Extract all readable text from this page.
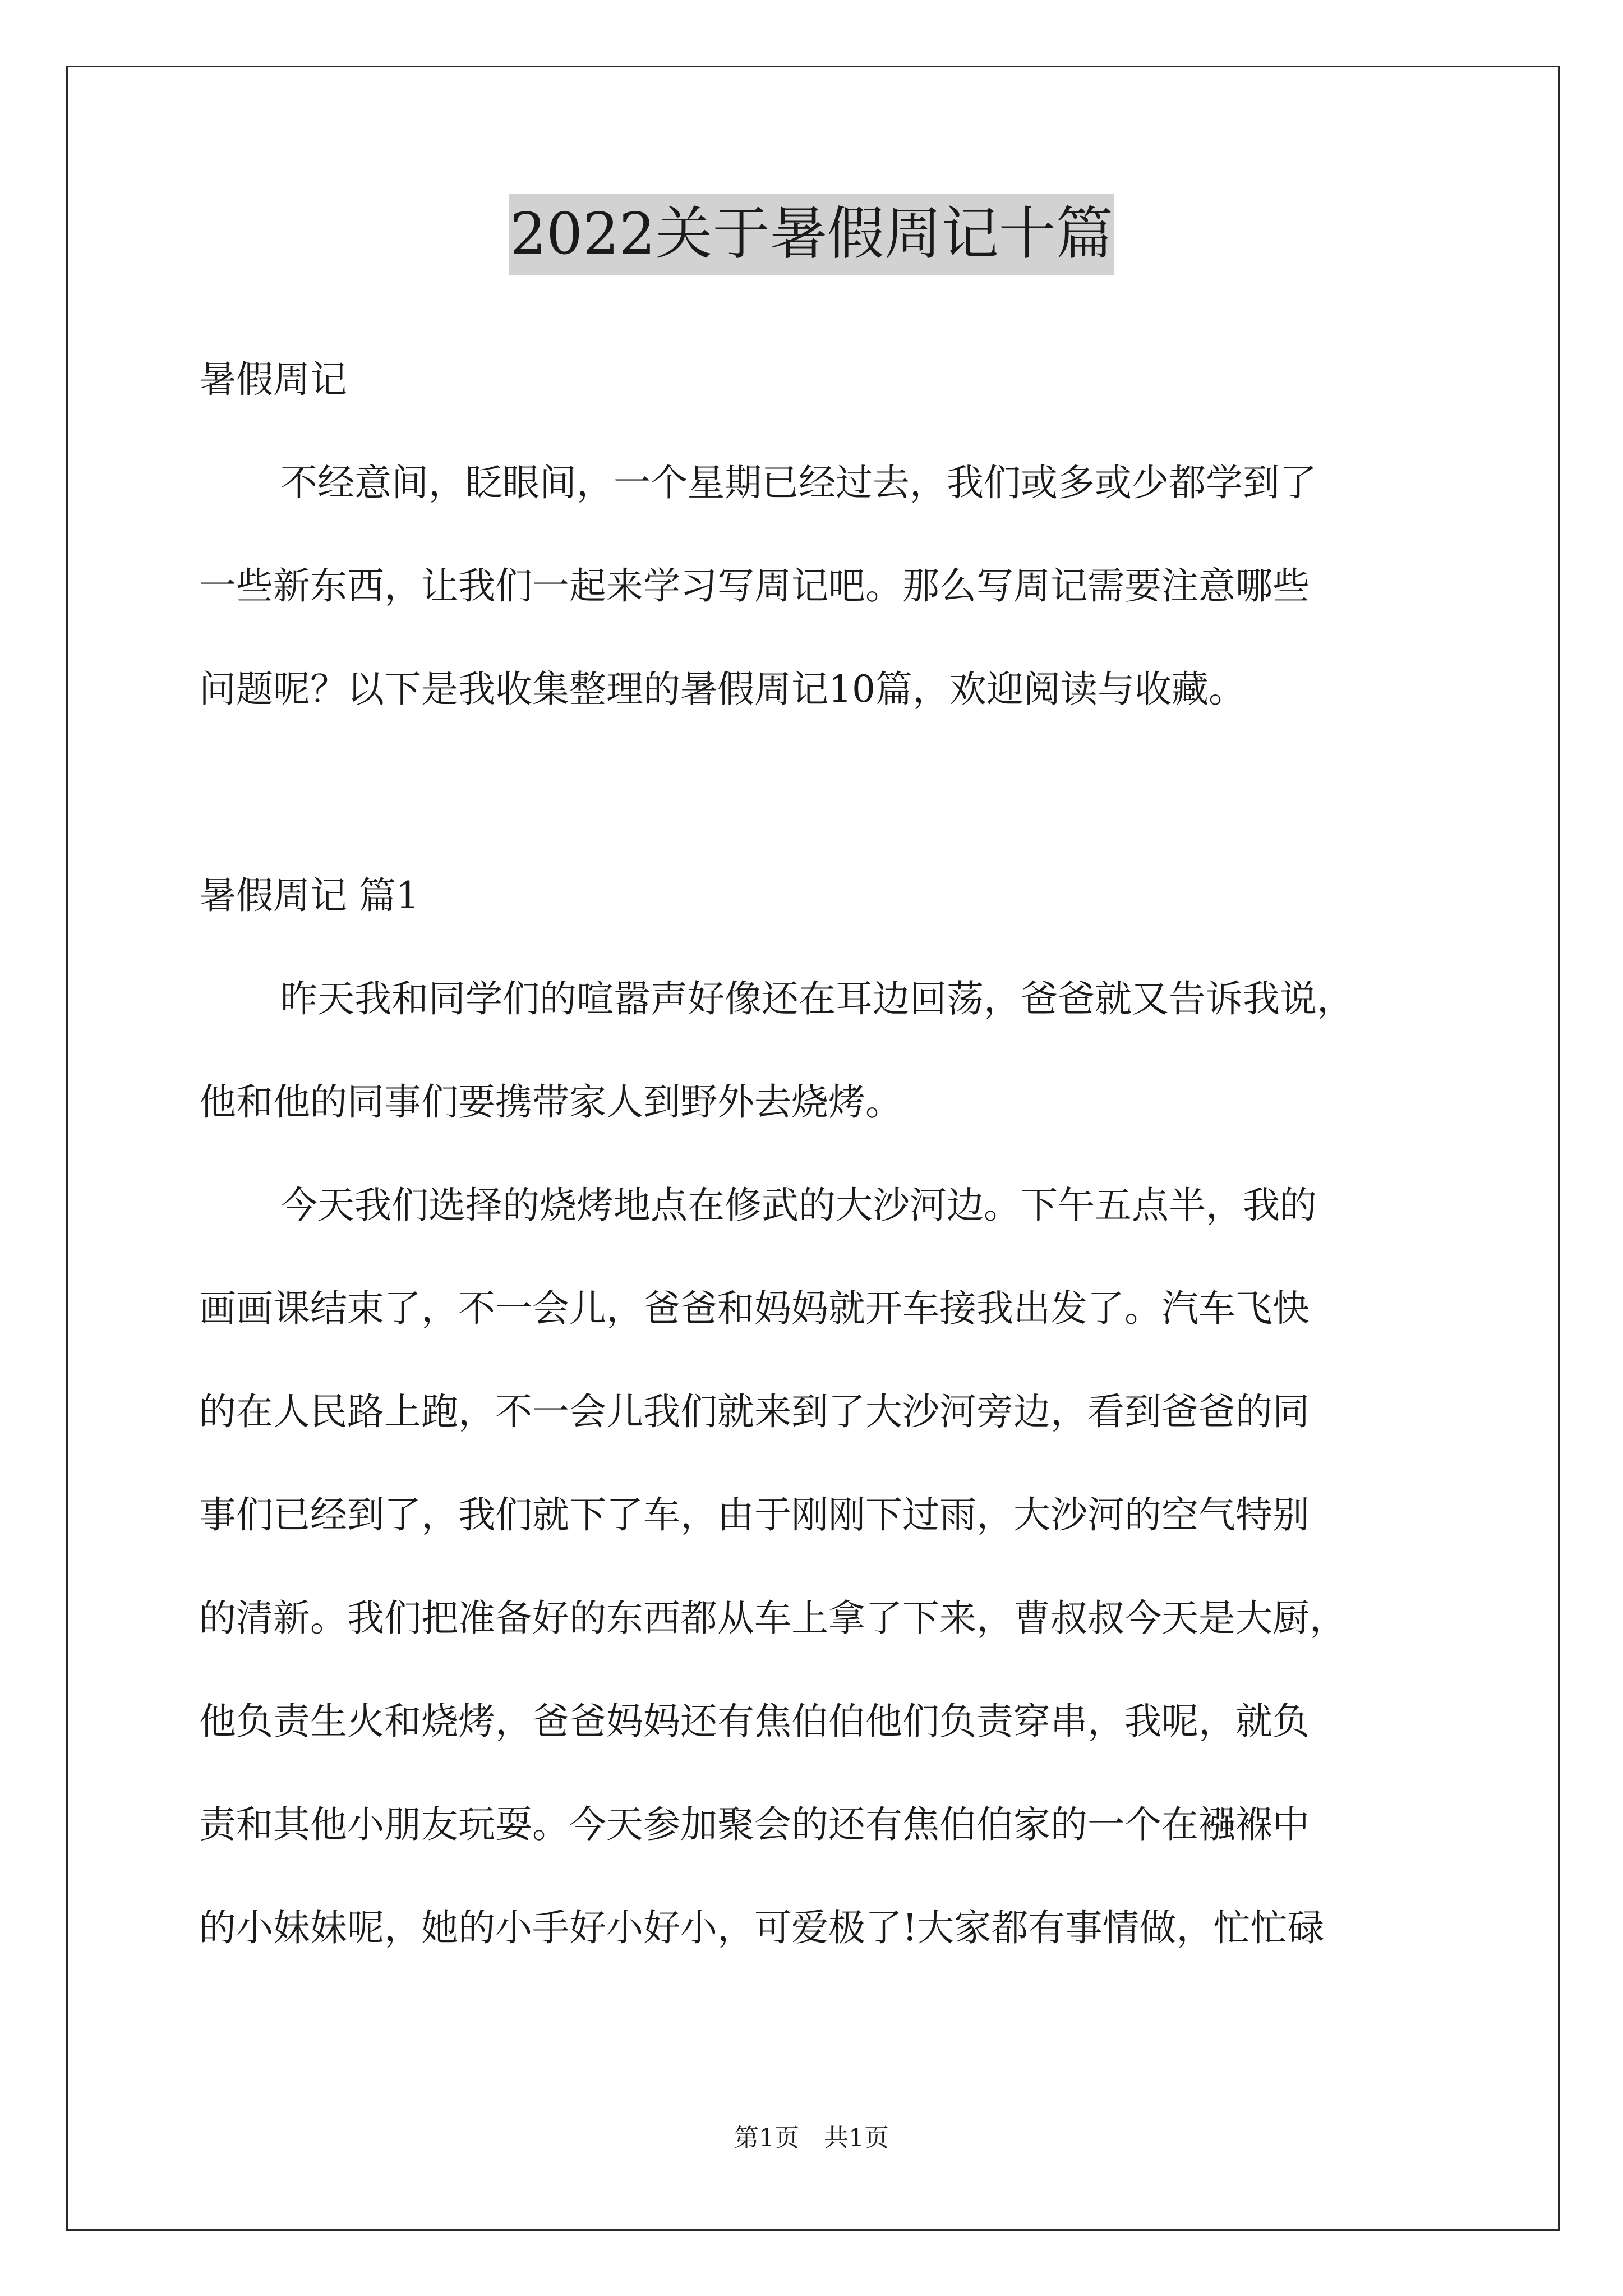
2022关于暑假周记十篇
暑假周记
不经意间，眨眼间，一个星期已经过去，我们或多或少都学到了
一些新东西，让我们一起来学习写周记吧。那么写周记需要注意哪些
问题呢？以下是我收集整理的暑假周记10篇，欢迎阅读与收藏。
暑假周记 篇1
昨天我和同学们的喧嚣声好像还在耳边回荡，爸爸就又告诉我说，
他和他的同事们要携带家人到野外去烧烤。
今天我们选择的烧烤地点在修武的大沙河边。下午五点半，我的
画画课结束了，不一会儿，爸爸和妈妈就开车接我出发了。汽车飞快
的在人民路上跑，不一会儿我们就来到了大沙河旁边，看到爸爸的同
事们已经到了，我们就下了车，由于刚刚下过雨，大沙河的空气特别
的清新。我们把准备好的东西都从车上拿了下来，曹叔叔今天是大厨，
他负责生火和烧烤，爸爸妈妈还有焦伯伯他们负责穿串，我呢，就负
责和其他小朋友玩耍。今天参加聚会的还有焦伯伯家的一个在襁褓中
的小妹妹呢，她的小手好小好小，可爱极了!大家都有事情做，忙忙碌
第1页 共1页
